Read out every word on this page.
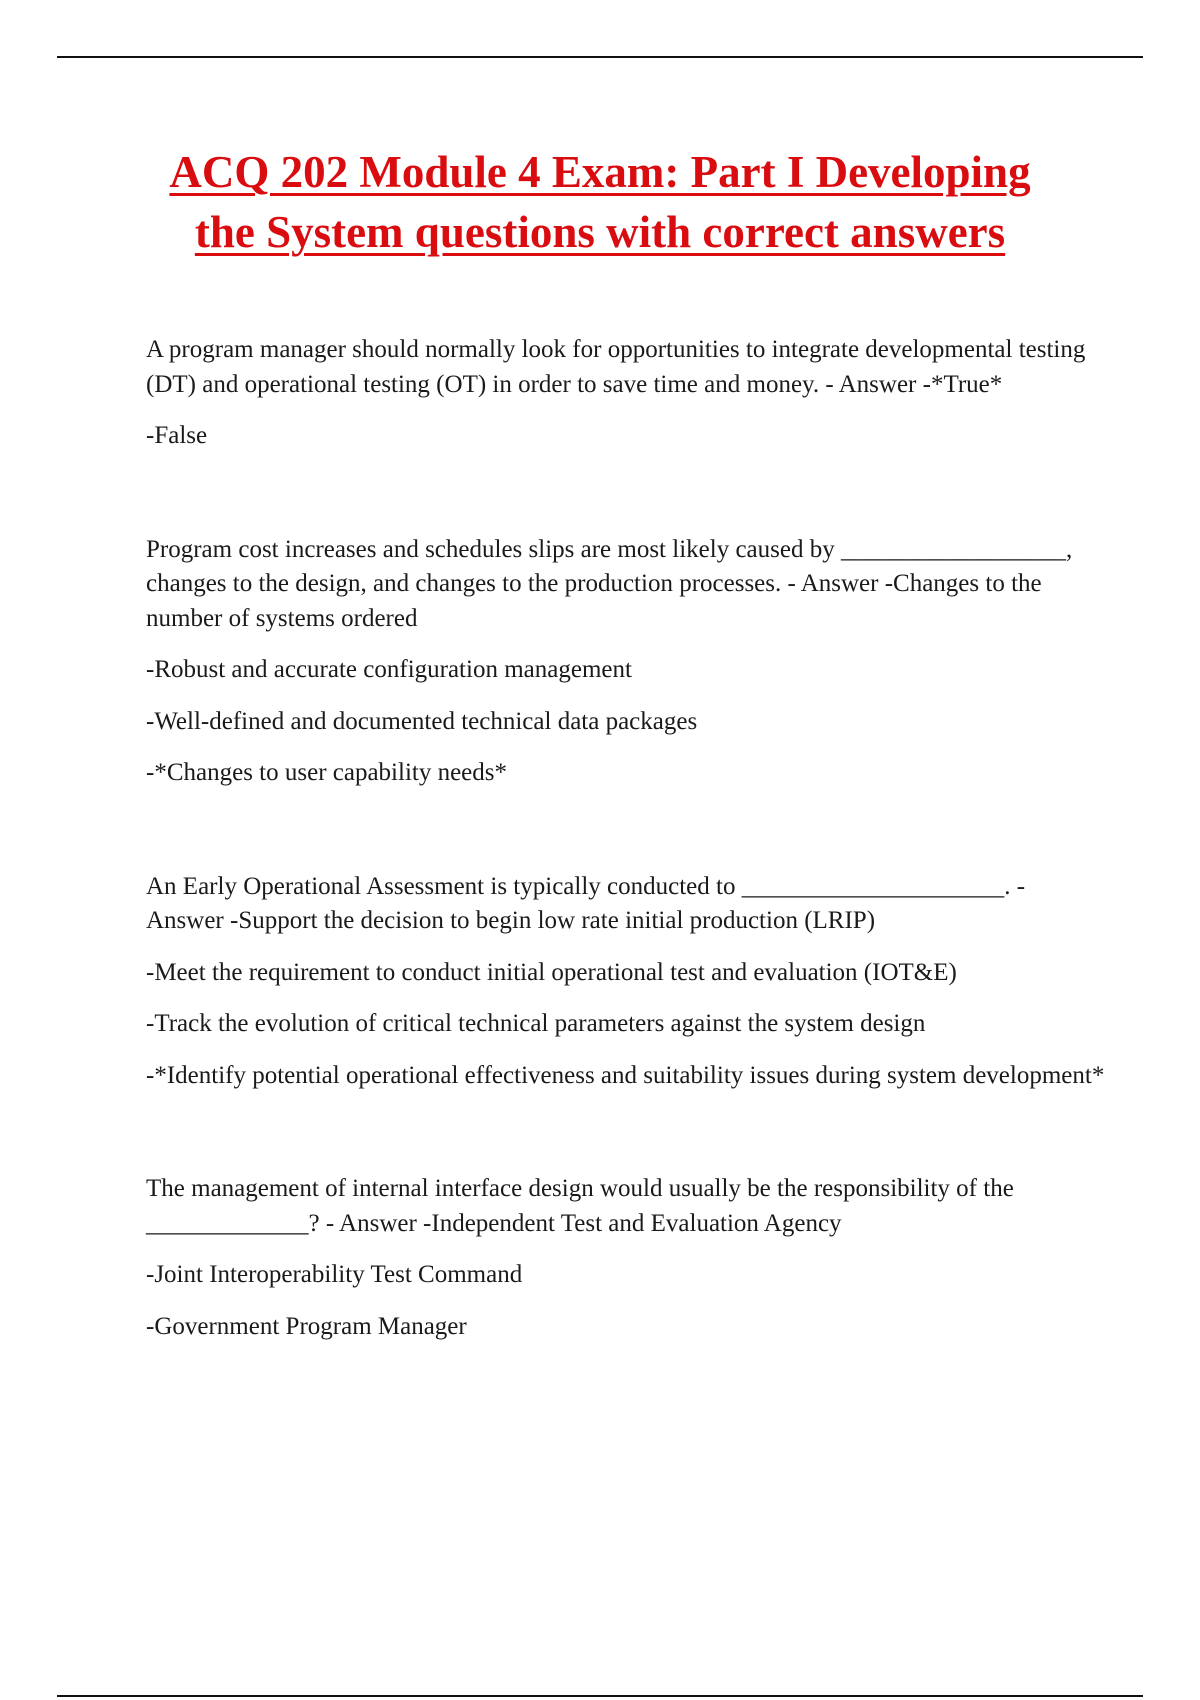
ACQ 202 Module 4 Exam: Part I Developing
the System questions with correct answers

A program manager should normally look for opportunities to integrate developmental testing (DT) and operational testing (OT) in order to save time and money. - Answer -*True*

-False

Program cost increases and schedules slips are most likely caused by __________________, changes to the design, and changes to the production processes. - Answer -Changes to the number of systems ordered

-Robust and accurate configuration management

-Well-defined and documented technical data packages

-*Changes to user capability needs*

An Early Operational Assessment is typically conducted to _____________________. - Answer -Support the decision to begin low rate initial production (LRIP)

-Meet the requirement to conduct initial operational test and evaluation (IOT&E)

-Track the evolution of critical technical parameters against the system design

-*Identify potential operational effectiveness and suitability issues during system development*

The management of internal interface design would usually be the responsibility of the _____________? - Answer -Independent Test and Evaluation Agency

-Joint Interoperability Test Command

-Government Program Manager
